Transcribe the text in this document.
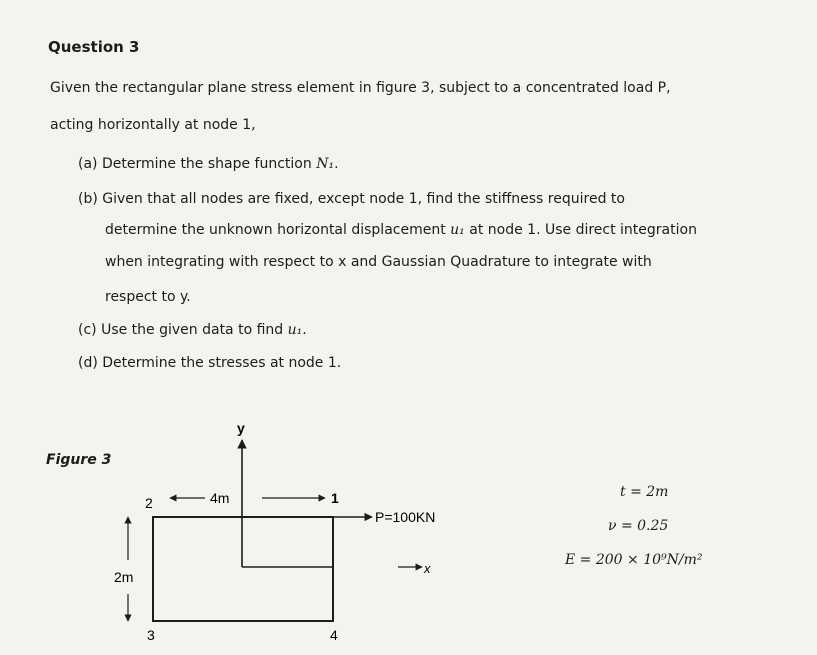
Question 3
Given the rectangular plane stress element in figure 3, subject to a concentrated load P,
acting horizontally at node 1,
(a) Determine the shape function N₁.
(b) Given that all nodes are fixed, except node 1, find the stiffness required to
determine the unknown horizontal displacement u₁ at node 1. Use direct integration
when integrating with respect to x and Gaussian Quadrature to integrate with
respect to y.
(c) Use the given data to find u₁.
(d) Determine the stresses at node 1.
Figure 3
y
x
4m
2m
1
2
3	4
P=100KN
t = 2m
ν = 0.25
E = 200 × 10⁹N/m²
